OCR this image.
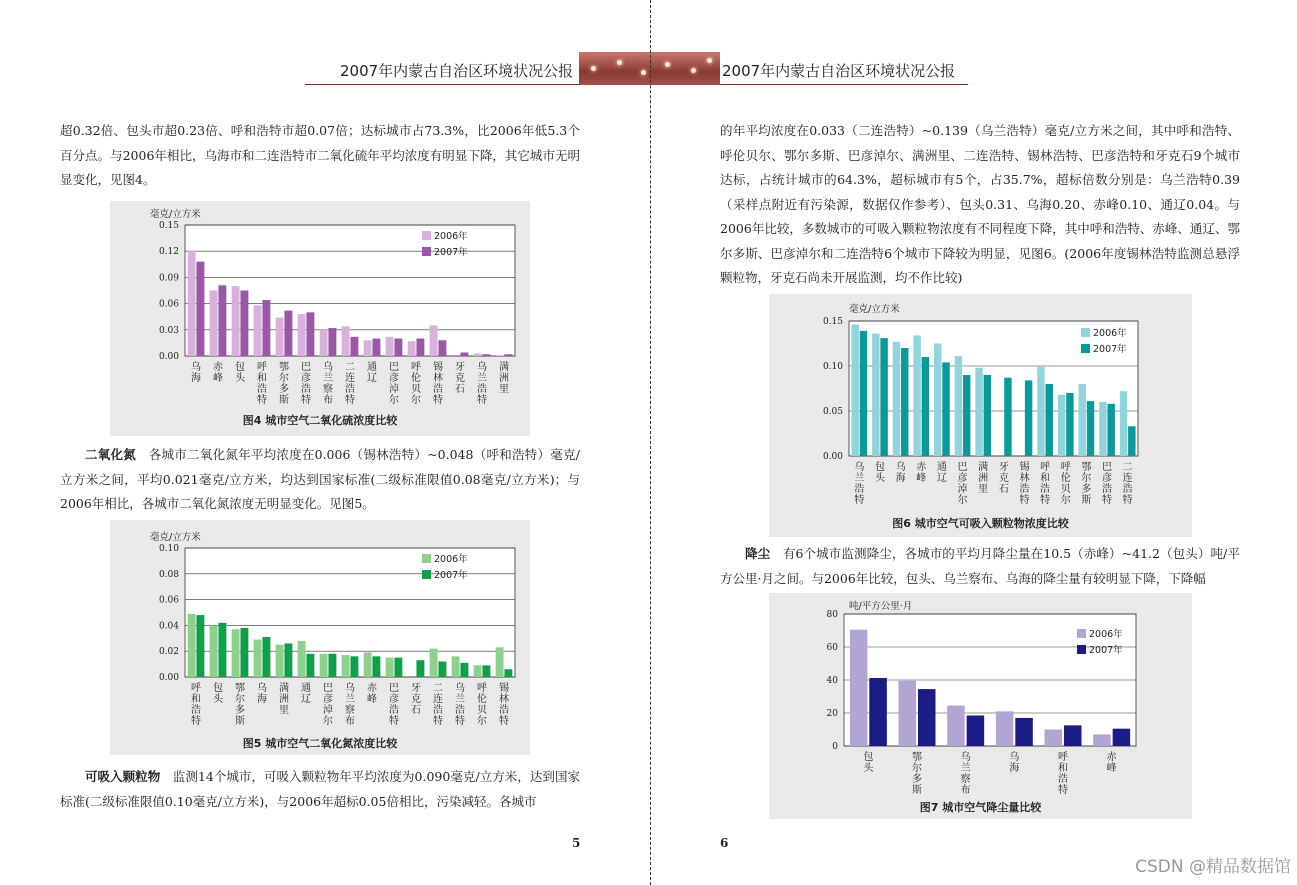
2007年内蒙古自治区环境状况公报	2007年内蒙古自治区环境状况公报

超0.32倍、包头市超0.23倍、呼和浩特市超0.07倍；达标城市占73.3%，比2006年低5.3个百分点。与2006年相比，乌海市和二连浩特市二氧化硫年平均浓度有明显下降，其它城市无明显变化，见图4。

0.00
0.03
0.06
0.09
0.12
0.15
毫克/立方米
乌
海
赤
峰
包
头
呼
和
浩
特
鄂
尔
多
斯
巴
彦
浩
特
乌
兰
察
布
二
连
浩
特
通
辽
巴
彦
淖
尔
呼
伦
贝
尔
锡
林
浩
特
牙
克
石
乌
兰
浩
特
满
洲
里
2006年
2007年
图4 城市空气二氧化硫浓度比较

二氧化氮  各城市二氧化氮年平均浓度在0.006（锡林浩特）~0.048（呼和浩特）毫克/立方米之间，平均0.021毫克/立方米，均达到国家标准(二级标准限值0.08毫克/立方米)；与2006年相比，各城市二氧化氮浓度无明显变化。见图5。

0.00
0.02
0.04
0.06
0.08
0.10
毫克/立方米
呼
和
浩
特
包
头
鄂
尔
多
斯
乌
海
满
洲
里
通
辽
巴
彦
淖
尔
乌
兰
察
布
赤
峰
巴
彦
浩
特
牙
克
石
二
连
浩
特
乌
兰
浩
特
呼
伦
贝
尔
锡
林
浩
特
2006年
2007年
图5 城市空气二氧化氮浓度比较

可吸入颗粒物  监测14个城市，可吸入颗粒物年平均浓度为0.090毫克/立方米，达到国家标准(二级标准限值0.10毫克/立方米)，与2006年超标0.05倍相比，污染减轻。各城市

5

的年平均浓度在0.033（二连浩特）~0.139（乌兰浩特）毫克/立方米之间，其中呼和浩特、呼伦贝尔、鄂尔多斯、巴彦淖尔、满洲里、二连浩特、锡林浩特、巴彦浩特和牙克石9个城市达标，占统计城市的64.3%，超标城市有5个，占35.7%，超标倍数分别是：乌兰浩特0.39（采样点附近有污染源，数据仅作参考）、包头0.31、乌海0.20、赤峰0.10、通辽0.04。与2006年比较，多数城市的可吸入颗粒物浓度有不同程度下降，其中呼和浩特、赤峰、通辽、鄂尔多斯、巴彦淖尔和二连浩特6个城市下降较为明显，见图6。(2006年度锡林浩特监测总悬浮颗粒物，牙克石尚未开展监测，均不作比较)

0.00
0.05
0.10
0.15
毫克/立方米
乌
兰
浩
特
包
头
乌
海
赤
峰
通
辽
巴
彦
淖
尔
满
洲
里
牙
克
石
锡
林
浩
特
呼
和
浩
特
呼
伦
贝
尔
鄂
尔
多
斯
巴
彦
浩
特
二
连
浩
特
2006年
2007年
图6 城市空气可吸入颗粒物浓度比较

降尘  有6个城市监测降尘，各城市的平均月降尘量在10.5（赤峰）~41.2（包头）吨/平方公里·月之间。与2006年比较，包头、乌兰察布、乌海的降尘量有较明显下降，下降幅

0
20
40
60
80
吨/平方公里·月
包
头
鄂
尔
多
斯
乌
兰
察
布
乌
海
呼
和
浩
特
赤
峰
2006年
2007年
图7 城市空气降尘量比较
6
CSDN @精品数据馆
